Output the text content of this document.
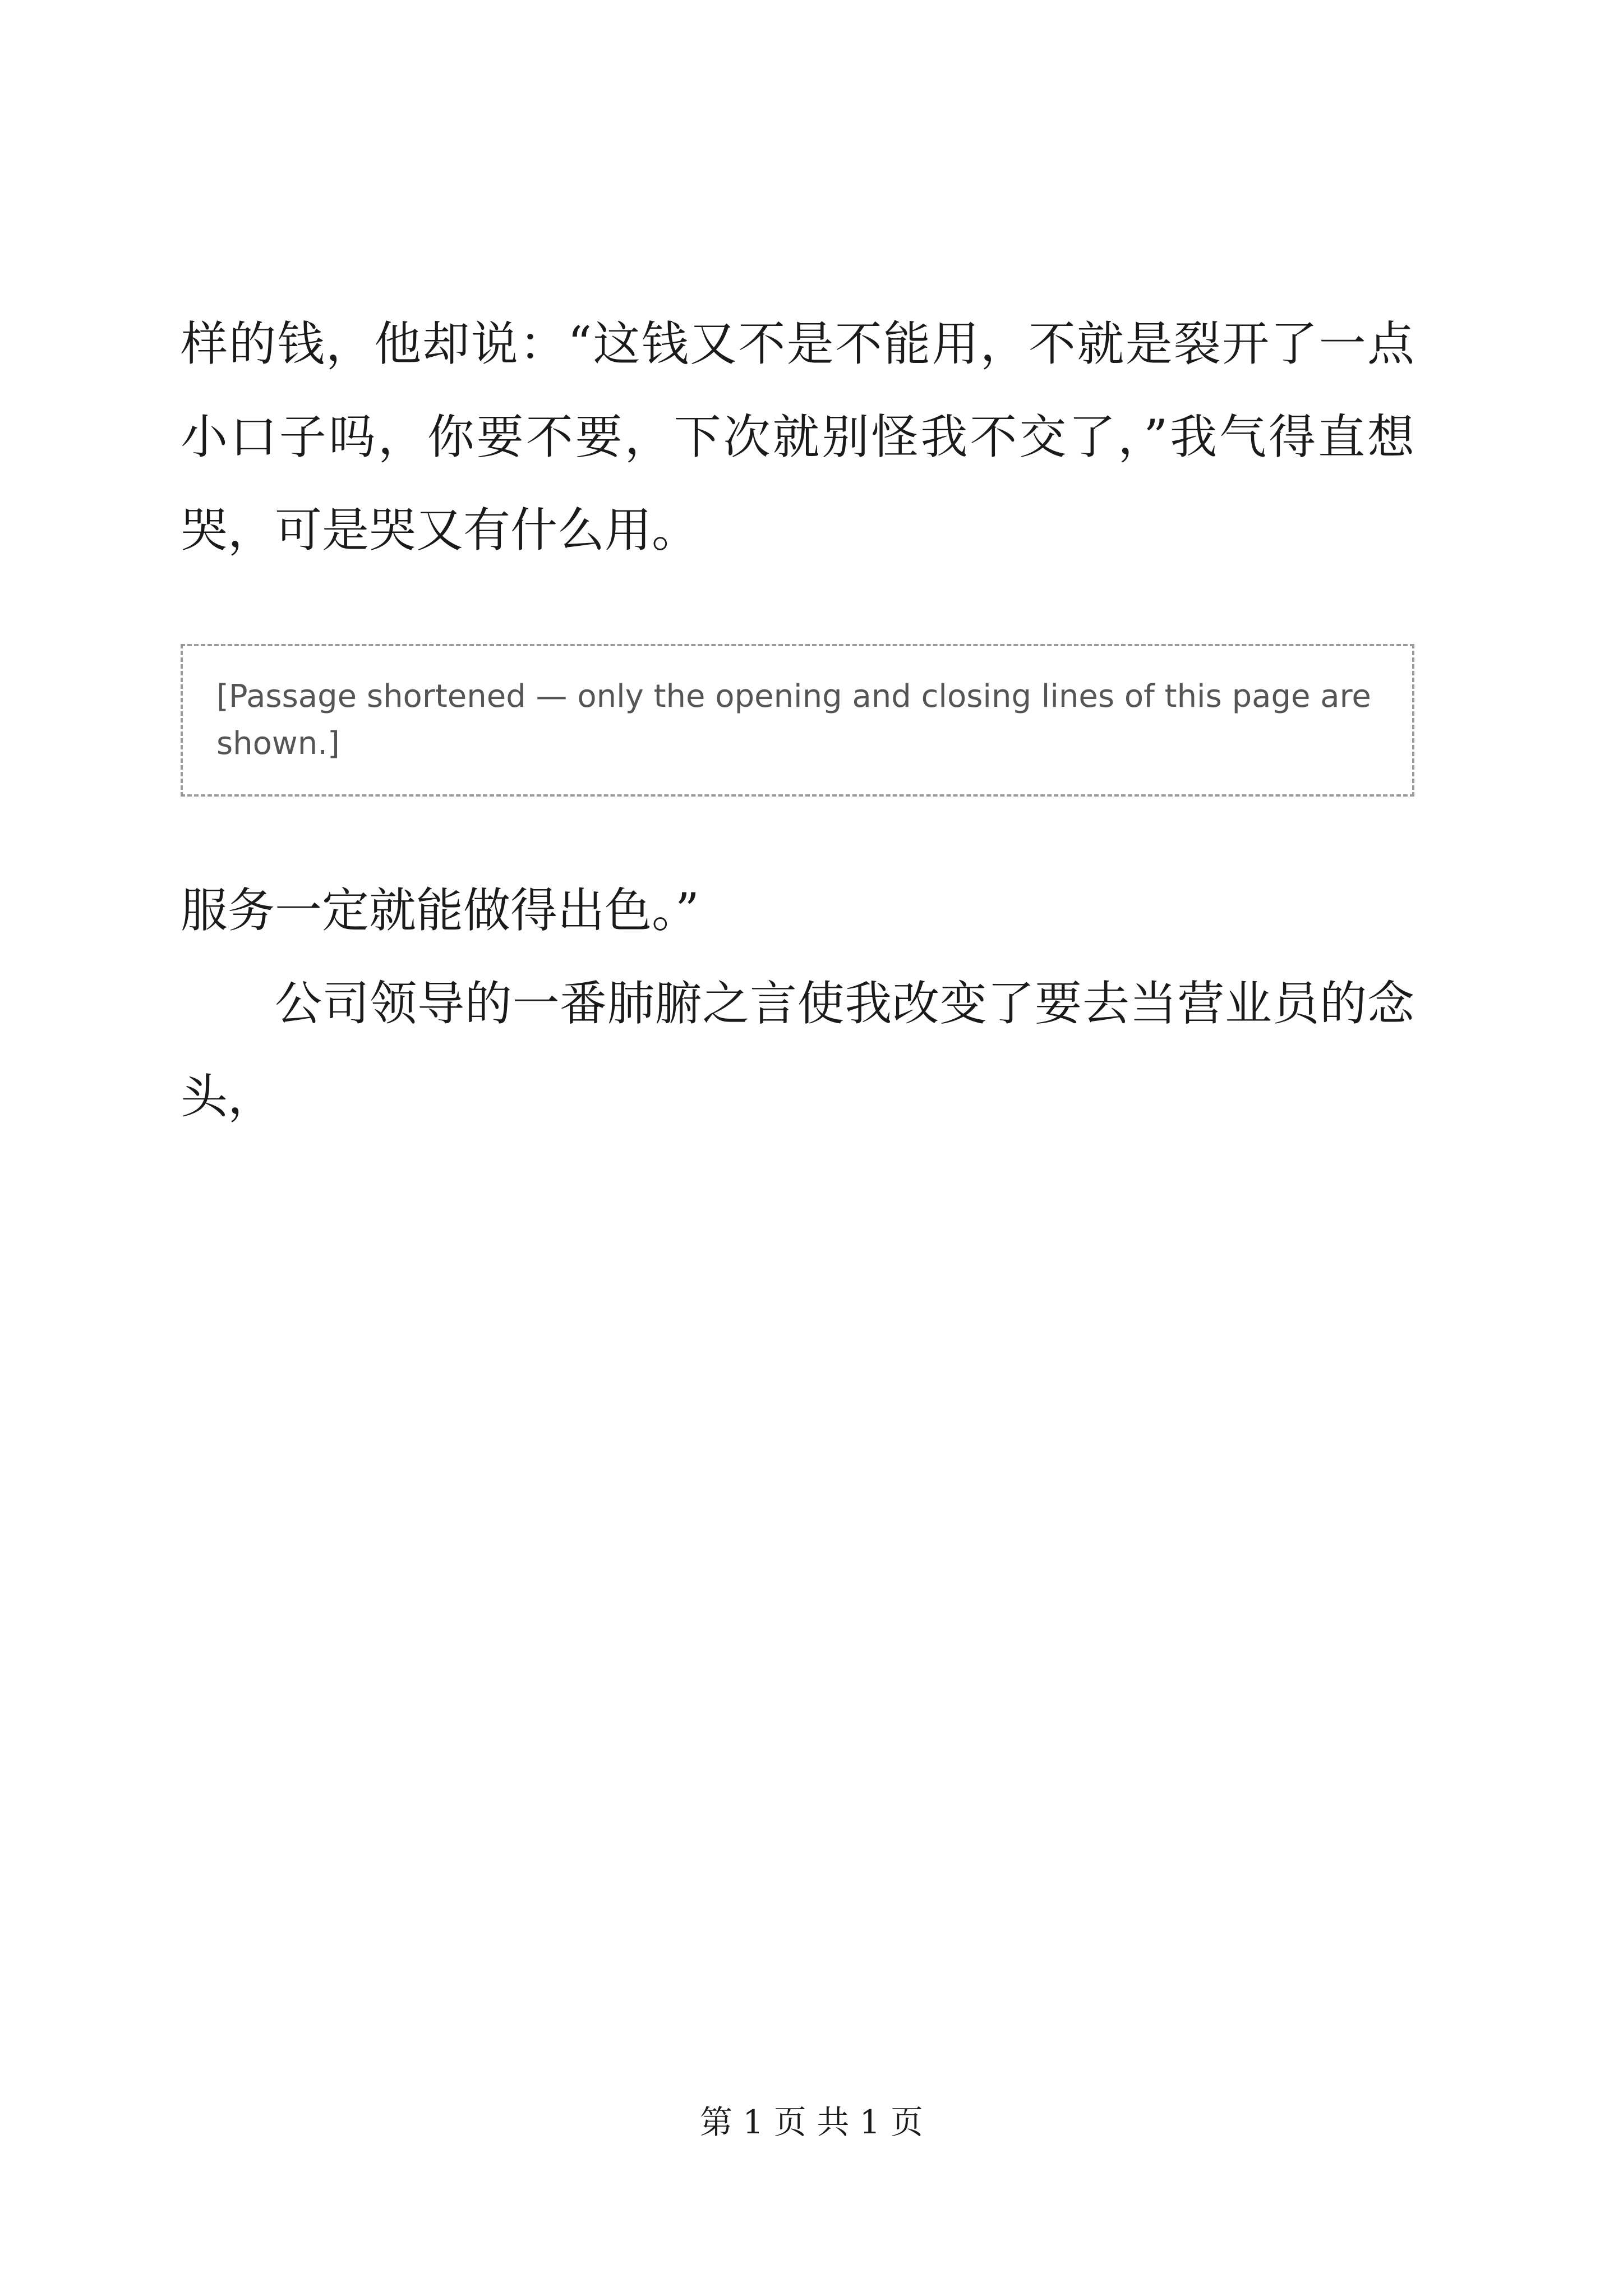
样的钱，他却说：“这钱又不是不能用，不就是裂开了一点小口子吗，你要不要，下次就别怪我不交了，”我气得直想哭，可是哭又有什么用。

[Passage shortened — only the opening and closing lines of this page are shown.]

服务一定就能做得出色。”

公司领导的一番肺腑之言使我改变了要去当营业员的念头，

第 1 页 共 1 页
